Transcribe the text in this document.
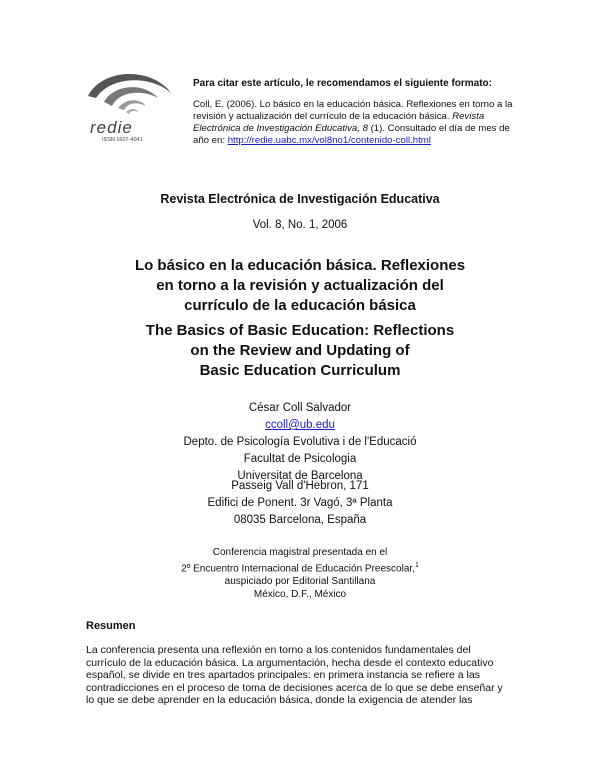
redie
ISSN 1607-4041
Para citar este artículo, le recomendamos el siguiente formato:
Coll, E. (2006). Lo básico en la educación básica. Reflexiones en torno a la revisión y actualización del currículo de la educación básica. Revista Electrónica de Investigación Educativa, 8 (1). Consultado el día de mes de año en: http://redie.uabc.mx/vol8no1/contenido-coll.html
Revista Electrónica de Investigación Educativa
Vol. 8, No. 1, 2006
Lo básico en la educación básica. Reflexiones
en torno a la revisión y actualización del
currículo de la educación básica
The Basics of Basic Education: Reflections
on the Review and Updating of
Basic Education Curriculum
César Coll Salvador
ccoll@ub.edu
Depto. de Psicología Evolutiva i de l'Educació
Facultat de Psicologia
Universitat de Barcelona
Passeig Vall d'Hebron, 171
Edifici de Ponent. 3r Vagó, 3ª Planta
08035 Barcelona, España
Conferencia magistral presentada en el
2º Encuentro Internacional de Educación Preescolar,$^1$
auspiciado por Editorial Santillana
México, D.F., México
Resumen
La conferencia presenta una reflexión en torno a los contenidos fundamentales del
currículo de la educación básica. La argumentación, hecha desde el contexto educativo
español, se divide en tres apartados principales: en primera instancia se refiere a las
contradicciones en el proceso de toma de decisiones acerca de lo que se debe enseñar y
lo que se debe aprender en la educación básica, donde la exigencia de atender las
